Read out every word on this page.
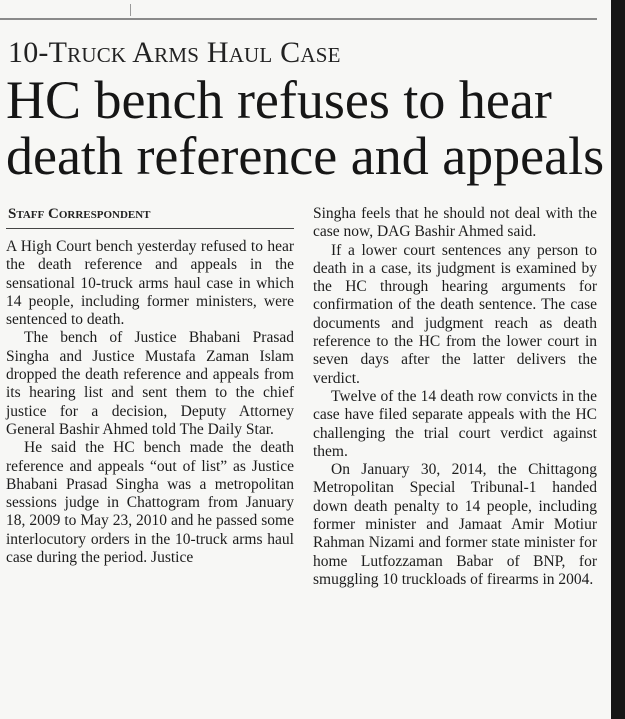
10-Truck Arms Haul Case
HC bench refuses to hear death reference and appeals
Staff Correspondent

A High Court bench yesterday refused to hear the death reference and appeals in the sensational 10-truck arms haul case in which 14 people, including former ministers, were sentenced to death.

The bench of Justice Bhabani Prasad Singha and Justice Mustafa Zaman Islam dropped the death reference and appeals from its hearing list and sent them to the chief justice for a decision, Deputy Attorney General Bashir Ahmed told The Daily Star.

He said the HC bench made the death reference and appeals “out of list” as Justice Bhabani Prasad Singha was a metropolitan sessions judge in Chattogram from January 18, 2009 to May 23, 2010 and he passed some interlocutory orders in the 10-truck arms haul case during the period. Justice

Singha feels that he should not deal with the case now, DAG Bashir Ahmed said.

If a lower court sentences any person to death in a case, its judgment is examined by the HC through hearing arguments for confirmation of the death sentence. The case documents and judgment reach as death reference to the HC from the lower court in seven days after the latter delivers the verdict.

Twelve of the 14 death row convicts in the case have filed separate appeals with the HC challenging the trial court verdict against them.

On January 30, 2014, the Chittagong Metropolitan Special Tribunal-1 handed down death penalty to 14 people, including former minister and Jamaat Amir Motiur Rahman Nizami and former state minister for home Lutfozzaman Babar of BNP, for smuggling 10 truckloads of firearms in 2004.
